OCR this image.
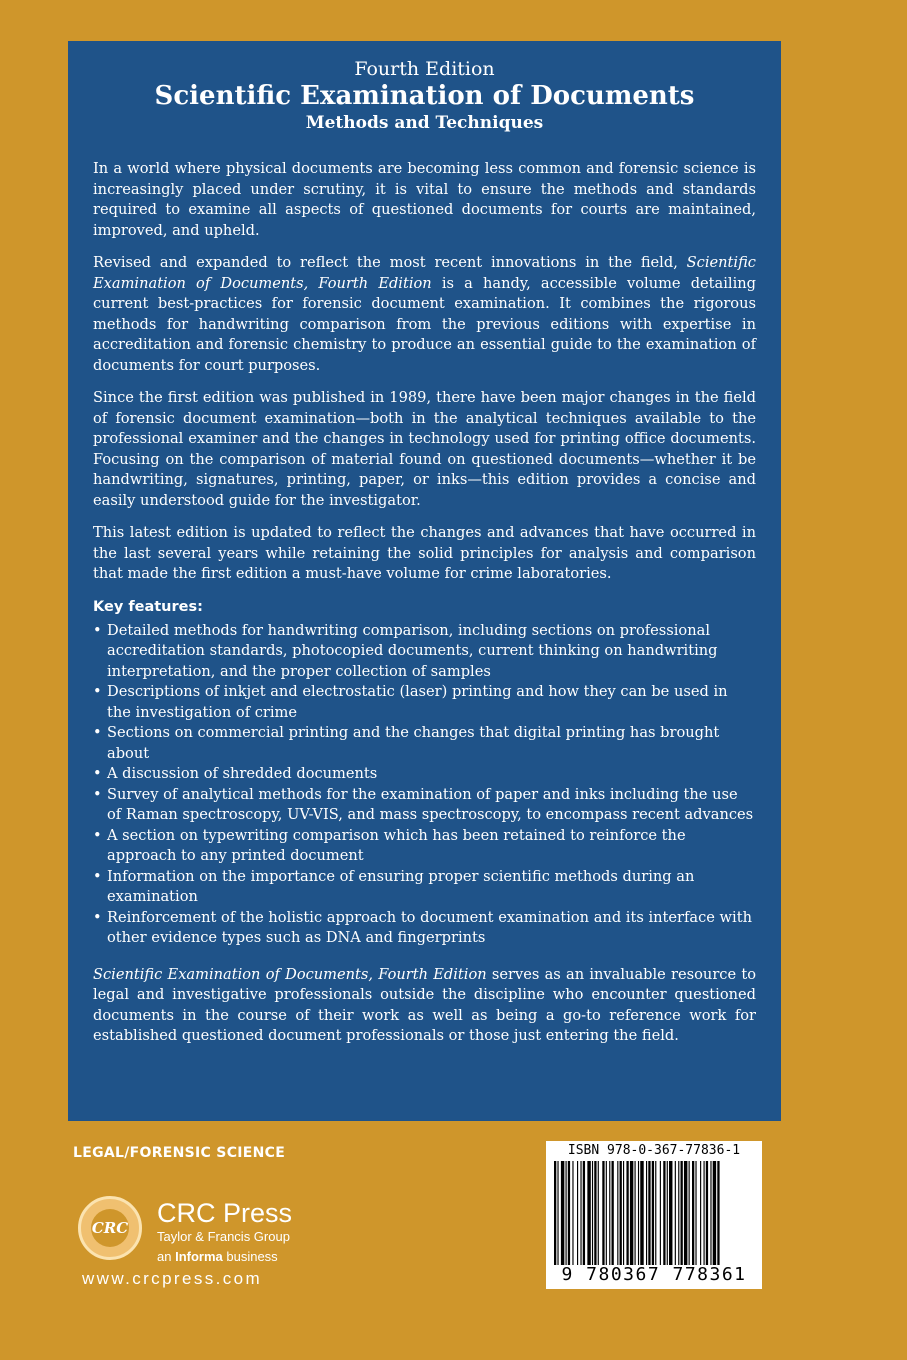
Fourth Edition
Scientific Examination of Documents
Methods and Techniques

In a world where physical documents are becoming less common and forensic science is increasingly placed under scrutiny, it is vital to ensure the methods and standards required to examine all aspects of questioned documents for courts are maintained, improved, and upheld.

Revised and expanded to reflect the most recent innovations in the field, Scientific Examination of Documents, Fourth Edition is a handy, accessible volume detailing current best-practices for forensic document examination. It combines the rigorous methods for handwriting comparison from the previous editions with expertise in accreditation and forensic chemistry to produce an essential guide to the examination of documents for court purposes.

Since the first edition was published in 1989, there have been major changes in the field of forensic document examination—both in the analytical techniques available to the professional examiner and the changes in technology used for printing office documents. Focusing on the comparison of material found on questioned documents—whether it be handwriting, signatures, printing, paper, or inks—this edition provides a concise and easily understood guide for the investigator.

This latest edition is updated to reflect the changes and advances that have occurred in the last several years while retaining the solid principles for analysis and comparison that made the first edition a must-have volume for crime laboratories.

Key features:
• Detailed methods for handwriting comparison, including sections on professional accreditation standards, photocopied documents, current thinking on handwriting interpretation, and the proper collection of samples
• Descriptions of inkjet and electrostatic (laser) printing and how they can be used in the investigation of crime
• Sections on commercial printing and the changes that digital printing has brought about
• A discussion of shredded documents
• Survey of analytical methods for the examination of paper and inks including the use of Raman spectroscopy, UV-VIS, and mass spectroscopy, to encompass recent advances
• A section on typewriting comparison which has been retained to reinforce the approach to any printed document
• Information on the importance of ensuring proper scientific methods during an examination
• Reinforcement of the holistic approach to document examination and its interface with other evidence types such as DNA and fingerprints

Scientific Examination of Documents, Fourth Edition serves as an invaluable resource to legal and investigative professionals outside the discipline who encounter questioned documents in the course of their work as well as being a go-to reference work for established questioned document professionals or those just entering the field.

LEGAL/FORENSIC SCIENCE
CRC CRC Press
Taylor & Francis Group
an Informa business
www.crcpress.com
ISBN 978-0-367-77836-1
9 780367 778361
